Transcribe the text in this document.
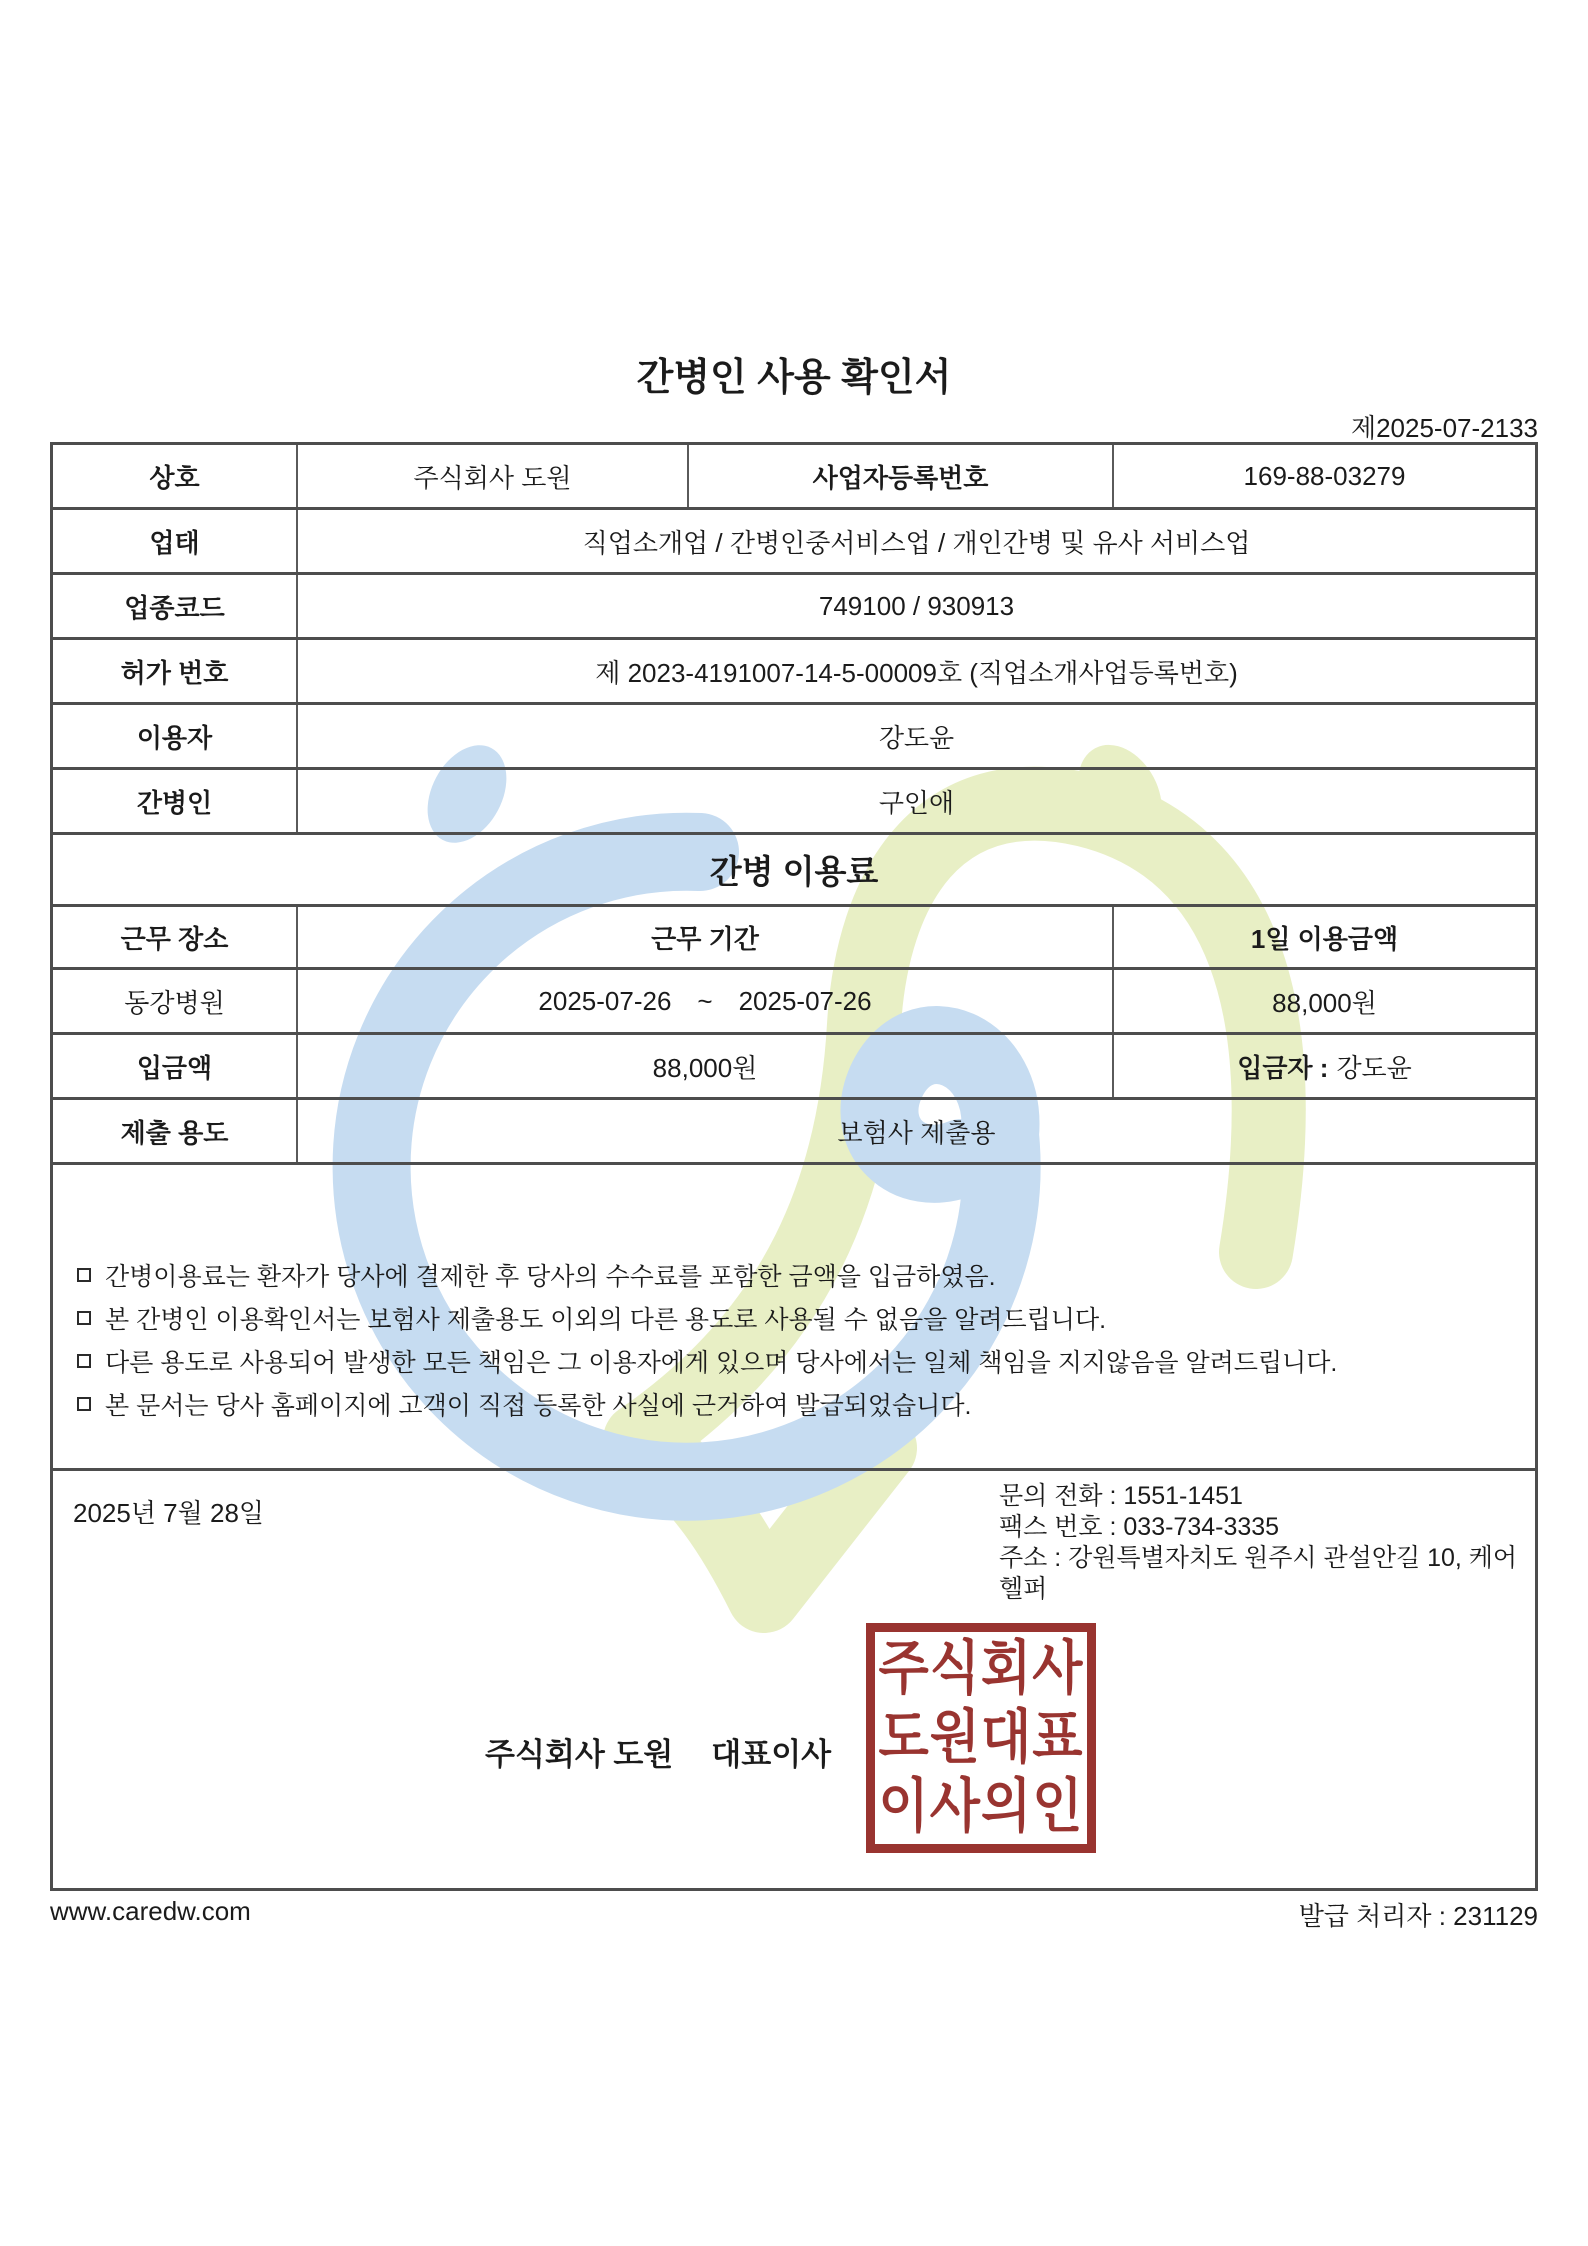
간병인 사용 확인서
제2025-07-2133
상호	주식회사 도원	사업자등록번호	169-88-03279
업태	직업소개업 / 간병인중서비스업 / 개인간병 및 유사 서비스업
업종코드	749100 / 930913
허가 번호	제 2023-4191007-14-5-00009호 (직업소개사업등록번호)
이용자	강도윤
간병인	구인애
간병 이용료
근무 장소	근무 기간	1일 이용금액
동강병원	2025-07-26 ~ 2025-07-26	88,000원
입금액	88,000원	입금자 : 강도윤
제출 용도	보험사 제출용
간병이용료는 환자가 당사에 결제한 후 당사의 수수료를 포함한 금액을 입금하였음.
본 간병인 이용확인서는 보험사 제출용도 이외의 다른 용도로 사용될 수 없음을 알려드립니다.
다른 용도로 사용되어 발생한 모든 책임은 그 이용자에게 있으며 당사에서는 일체 책임을 지지않음을 알려드립니다.
본 문서는 당사 홈페이지에 고객이 직접 등록한 사실에 근거하여 발급되었습니다.
2025년 7월 28일
문의 전화 : 1551-1451
팩스 번호 : 033-734-3335
주소 : 강원특별자치도 원주시 관설안길 10, 케어헬퍼
주식회사 도원 대표이사
주식회사
도원대표
이사의인
www.caredw.com	발급 처리자 : 231129
